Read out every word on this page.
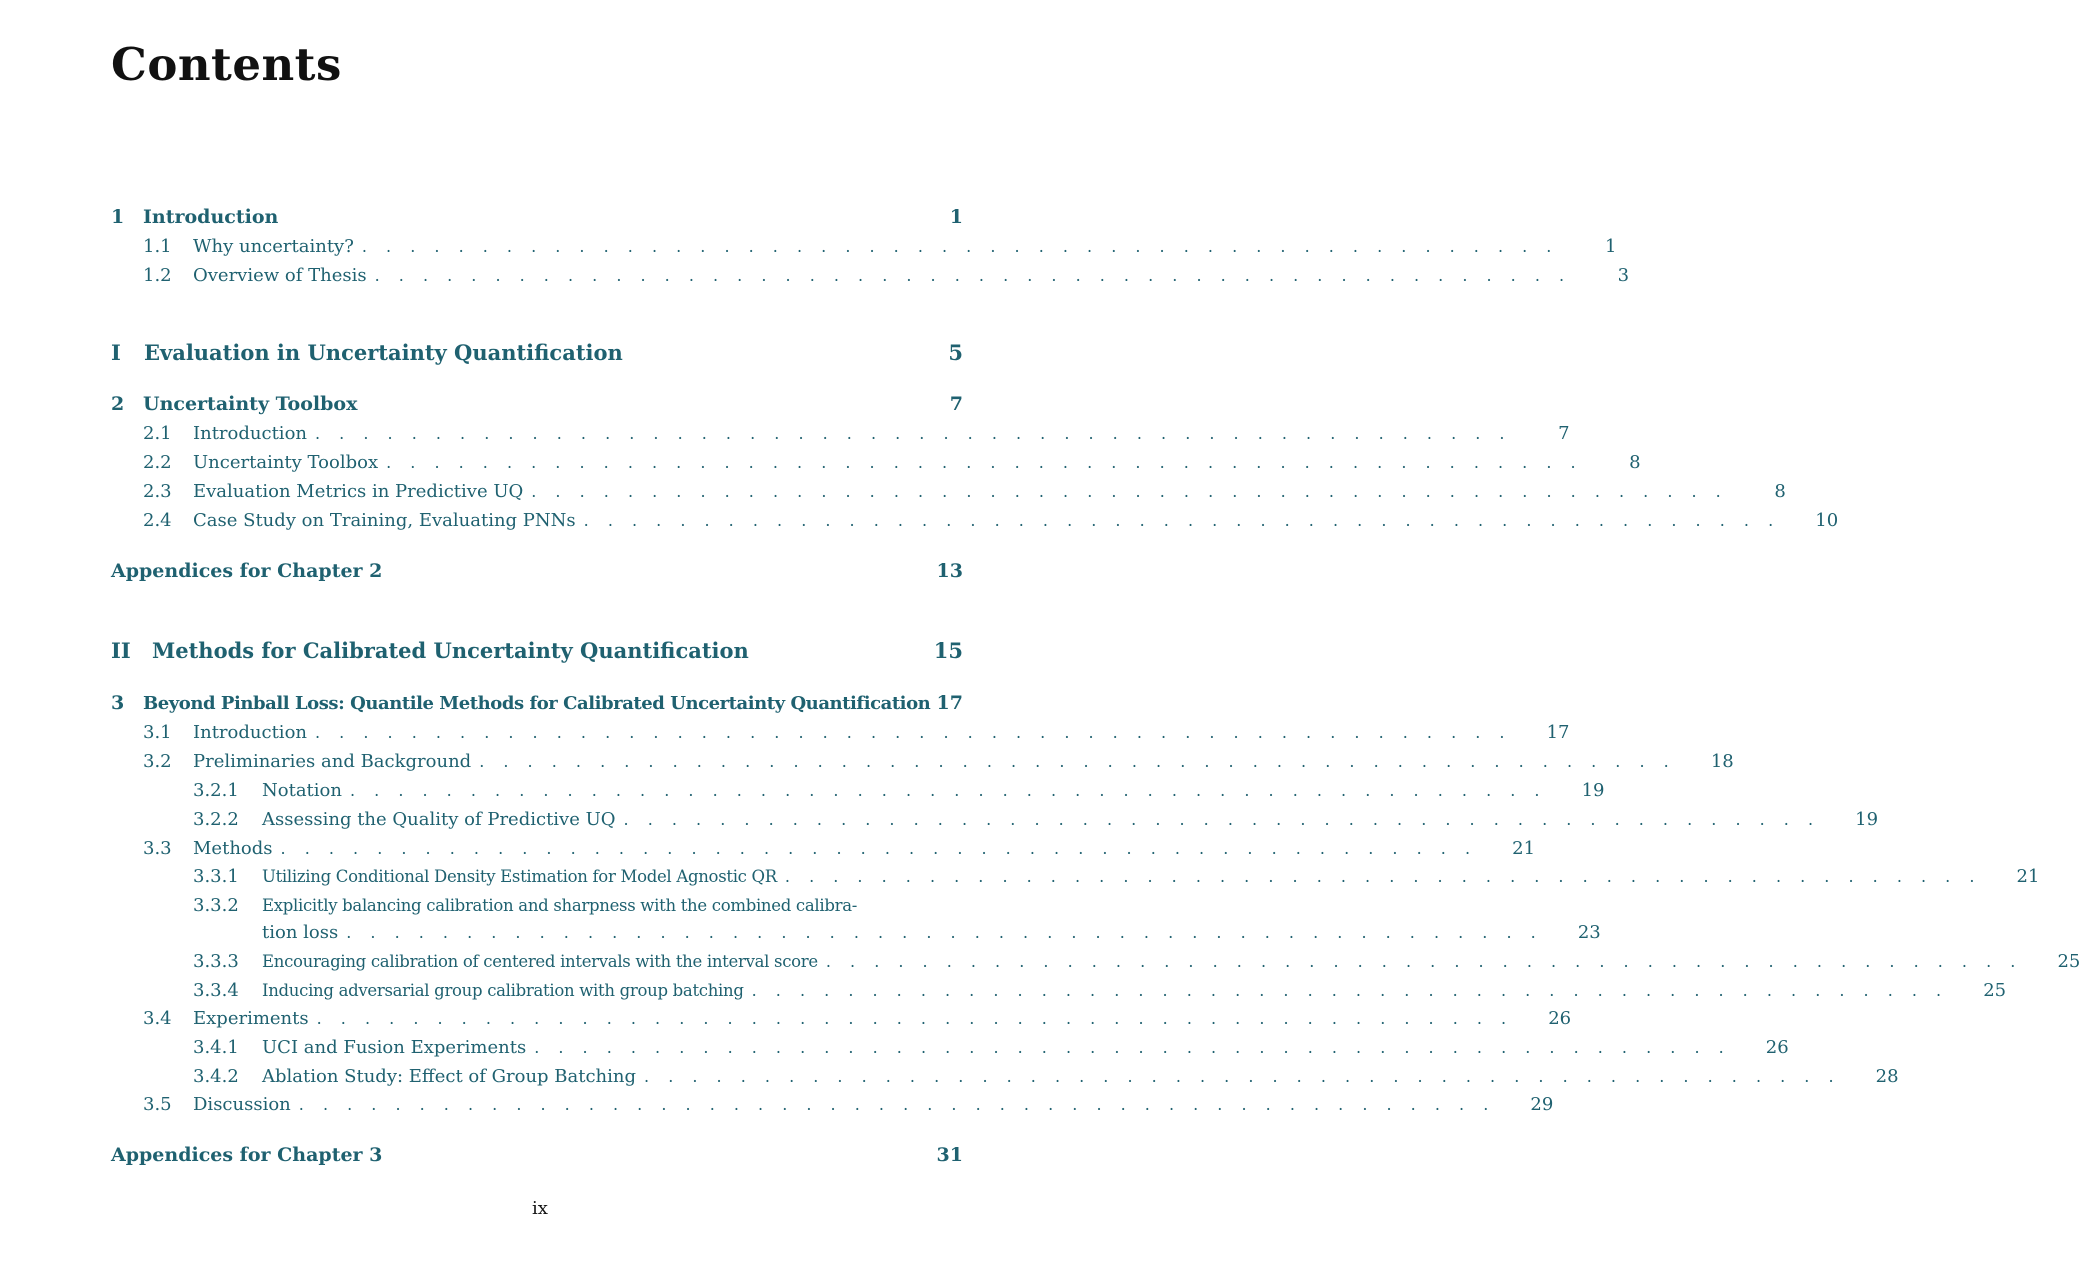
Contents
1 Introduction	1
1.1	Why uncertainty? . . . . . . . . . . . . . . . . . . . . . . . . . . . . . . . . . . . . . . . . . . . . . . . . . .	1
1.2	Overview of Thesis . . . . . . . . . . . . . . . . . . . . . . . . . . . . . . . . . . . . . . . . . . . . . . . . . .	3
I	Evaluation in Uncertainty Quantification	5
2 Uncertainty Toolbox	7
2.1	Introduction . . . . . . . . . . . . . . . . . . . . . . . . . . . . . . . . . . . . . . . . . . . . . . . . . .	7
2.2	Uncertainty Toolbox . . . . . . . . . . . . . . . . . . . . . . . . . . . . . . . . . . . . . . . . . . . . . . . . . .	8
2.3	Evaluation Metrics in Predictive UQ . . . . . . . . . . . . . . . . . . . . . . . . . . . . . . . . . . . . . . . . . . . . . . . . . .	8
2.4	Case Study on Training, Evaluating PNNs . . . . . . . . . . . . . . . . . . . . . . . . . . . . . . . . . . . . . . . . . . . . . . . . . .	10
Appendices for Chapter 2	13
II	Methods for Calibrated Uncertainty Quantification	15
3	Beyond Pinball Loss: Quantile Methods for Calibrated Uncertainty Quantification 17
3.1	Introduction . . . . . . . . . . . . . . . . . . . . . . . . . . . . . . . . . . . . . . . . . . . . . . . . . .	17
3.2	Preliminaries and Background . . . . . . . . . . . . . . . . . . . . . . . . . . . . . . . . . . . . . . . . . . . . . . . . . .	18
3.2.1	Notation . . . . . . . . . . . . . . . . . . . . . . . . . . . . . . . . . . . . . . . . . . . . . . . . . .	19
3.2.2	Assessing the Quality of Predictive UQ . . . . . . . . . . . . . . . . . . . . . . . . . . . . . . . . . . . . . . . . . . . . . . . . . .	19
3.3	Methods . . . . . . . . . . . . . . . . . . . . . . . . . . . . . . . . . . . . . . . . . . . . . . . . . .	21
3.3.1	Utilizing Conditional Density Estimation for Model Agnostic QR . . . . . . . . . . . . . . . . . . . . . . . . . . . . . . . . . . . . . . . . . . . . . . . . . .	21
3.3.2	Explicitly balancing calibration and sharpness with the combined calibra-
tion loss . . . . . . . . . . . . . . . . . . . . . . . . . . . . . . . . . . . . . . . . . . . . . . . . . .	23
3.3.3	Encouraging calibration of centered intervals with the interval score . . . . . . . . . . . . . . . . . . . . . . . . . . . . . . . . . . . . . . . . . . . . . . . . . .	25
3.3.4	Inducing adversarial group calibration with group batching . . . . . . . . . . . . . . . . . . . . . . . . . . . . . . . . . . . . . . . . . . . . . . . . . .	25
3.4	Experiments . . . . . . . . . . . . . . . . . . . . . . . . . . . . . . . . . . . . . . . . . . . . . . . . . .	26
3.4.1	UCI and Fusion Experiments . . . . . . . . . . . . . . . . . . . . . . . . . . . . . . . . . . . . . . . . . . . . . . . . . .	26
3.4.2	Ablation Study: Effect of Group Batching . . . . . . . . . . . . . . . . . . . . . . . . . . . . . . . . . . . . . . . . . . . . . . . . . .	28
3.5	Discussion . . . . . . . . . . . . . . . . . . . . . . . . . . . . . . . . . . . . . . . . . . . . . . . . . .	29
Appendices for Chapter 3	31
ix
